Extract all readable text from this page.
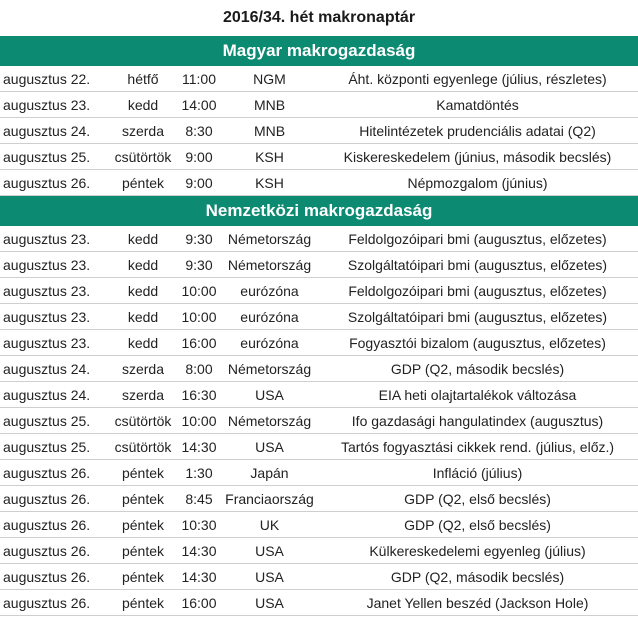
2016/34. hét makronaptár
Magyar makrogazdaság
augusztus 22.	hétfő	11:00	NGM	Áht. központi egyenlege (július, részletes)
augusztus 23.	kedd	14:00	MNB	Kamatdöntés
augusztus 24.	szerda	8:30	MNB	Hitelintézetek prudenciális adatai (Q2)
augusztus 25.	csütörtök	9:00	KSH	Kiskereskedelem (június, második becslés)
augusztus 26.	péntek	9:00	KSH	Népmozgalom (június)
Nemzetközi makrogazdaság
augusztus 23.	kedd	9:30	Németország	Feldolgozóipari bmi (augusztus, előzetes)
augusztus 23.	kedd	9:30	Németország	Szolgáltatóipari bmi (augusztus, előzetes)
augusztus 23.	kedd	10:00	eurózóna	Feldolgozóipari bmi (augusztus, előzetes)
augusztus 23.	kedd	10:00	eurózóna	Szolgáltatóipari bmi (augusztus, előzetes)
augusztus 23.	kedd	16:00	eurózóna	Fogyasztói bizalom (augusztus, előzetes)
augusztus 24.	szerda	8:00	Németország	GDP (Q2, második becslés)
augusztus 24.	szerda	16:30	USA	EIA heti olajtartalékok változása
augusztus 25.	csütörtök	10:00	Németország	Ifo gazdasági hangulatindex (augusztus)
augusztus 25.	csütörtök	14:30	USA	Tartós fogyasztási cikkek rend. (július, előz.)
augusztus 26.	péntek	1:30	Japán	Infláció (július)
augusztus 26.	péntek	8:45	Franciaország	GDP (Q2, első becslés)
augusztus 26.	péntek	10:30	UK	GDP (Q2, első becslés)
augusztus 26.	péntek	14:30	USA	Külkereskedelemi egyenleg (július)
augusztus 26.	péntek	14:30	USA	GDP (Q2, második becslés)
augusztus 26.	péntek	16:00	USA	Janet Yellen beszéd (Jackson Hole)
